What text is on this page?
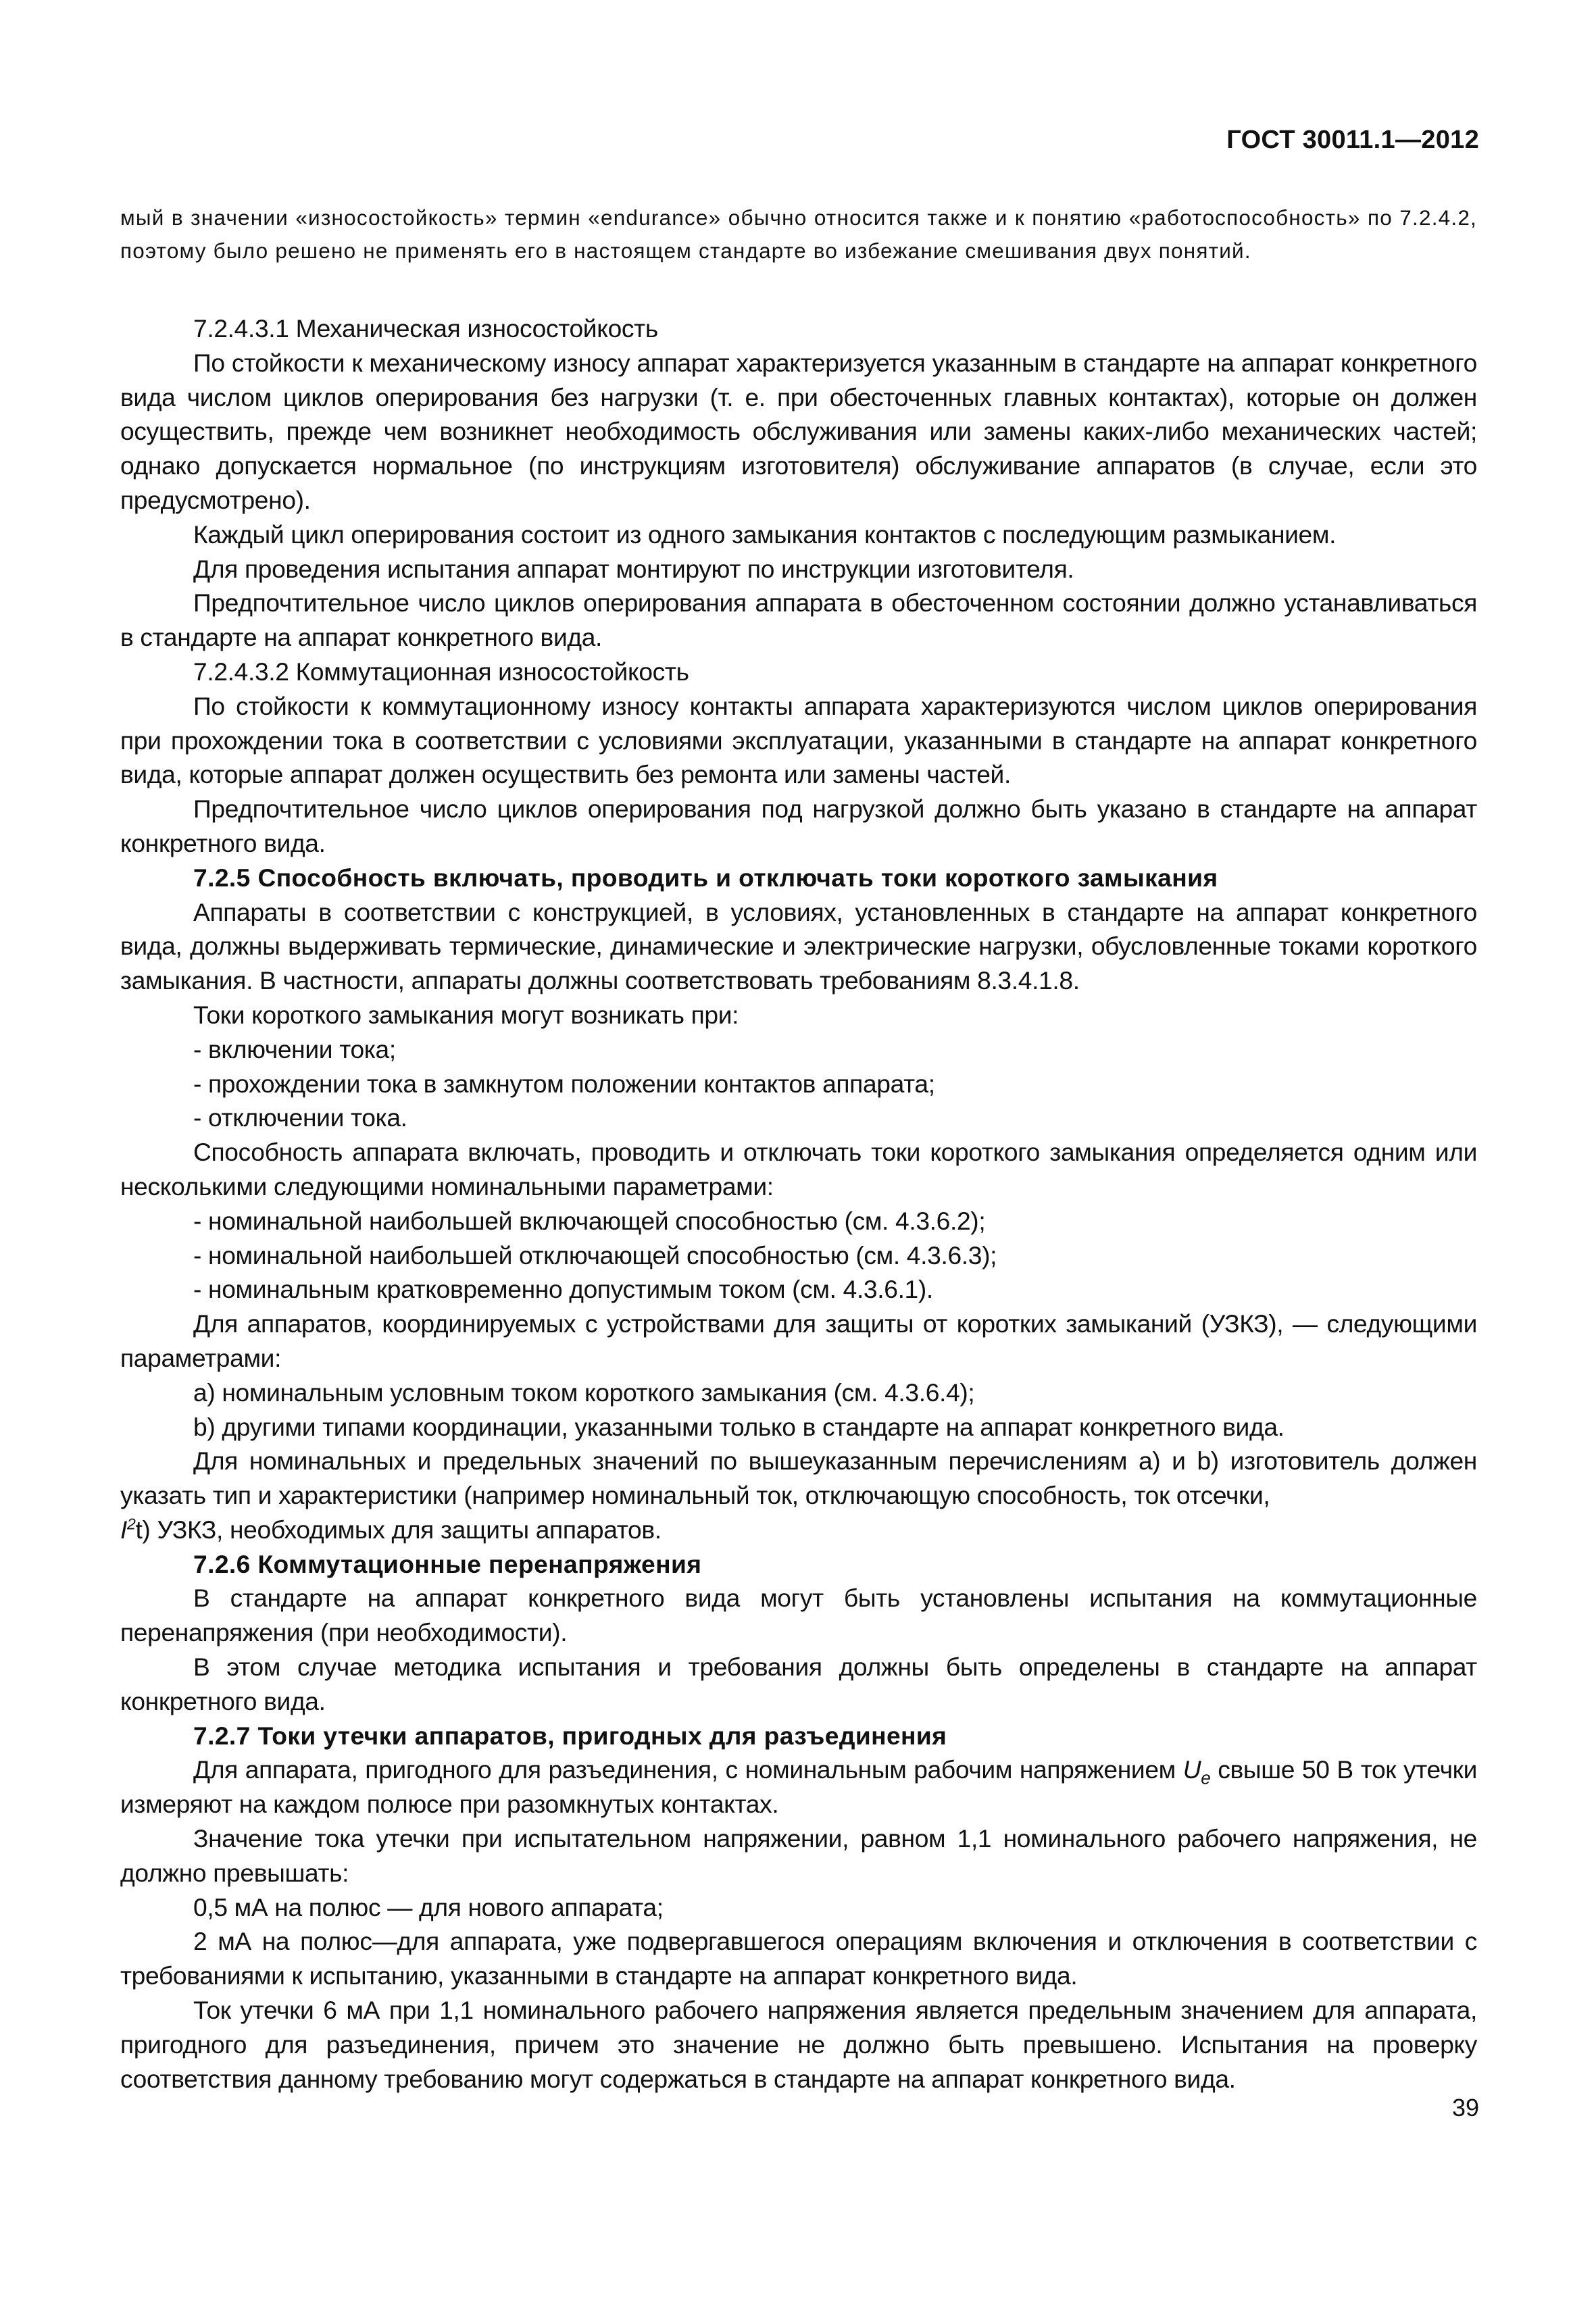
ГОСТ 30011.1—2012
мый в значении «износостойкость» термин «endurance» обычно относится также и к понятию «работоспособность» по 7.2.4.2, поэтому было решено не применять его в настоящем стандарте во избежание смешивания двух понятий.

7.2.4.3.1 Механическая износостойкость

По стойкости к механическому износу аппарат характеризуется указанным в стандарте на аппарат конкретного вида числом циклов оперирования без нагрузки (т. е. при обесточенных главных контактах), которые он должен осуществить, прежде чем возникнет необходимость обслуживания или замены каких-либо механических частей; однако допускается нормальное (по инструкциям изготовителя) обслуживание аппаратов (в случае, если это предусмотрено).

Каждый цикл оперирования состоит из одного замыкания контактов с последующим размыканием.

Для проведения испытания аппарат монтируют по инструкции изготовителя.

Предпочтительное число циклов оперирования аппарата в обесточенном состоянии должно устанавливаться в стандарте на аппарат конкретного вида.

7.2.4.3.2 Коммутационная износостойкость

По стойкости к коммутационному износу контакты аппарата характеризуются числом циклов оперирования при прохождении тока в соответствии с условиями эксплуатации, указанными в стандарте на аппарат конкретного вида, которые аппарат должен осуществить без ремонта или замены частей.

Предпочтительное число циклов оперирования под нагрузкой должно быть указано в стандарте на аппарат конкретного вида.

7.2.5 Способность включать, проводить и отключать токи короткого замыкания

Аппараты в соответствии с конструкцией, в условиях, установленных в стандарте на аппарат конкретного вида, должны выдерживать термические, динамические и электрические нагрузки, обусловленные токами короткого замыкания. В частности, аппараты должны соответствовать требованиям 8.3.4.1.8.

Токи короткого замыкания могут возникать при:

- включении тока;

- прохождении тока в замкнутом положении контактов аппарата;

- отключении тока.

Способность аппарата включать, проводить и отключать токи короткого замыкания определяется одним или несколькими следующими номинальными параметрами:

- номинальной наибольшей включающей способностью (см. 4.3.6.2);

- номинальной наибольшей отключающей способностью (см. 4.3.6.3);

- номинальным кратковременно допустимым током (см. 4.3.6.1).

Для аппаратов, координируемых с устройствами для защиты от коротких замыканий (УЗКЗ), — следующими параметрами:

a) номинальным условным током короткого замыкания (см. 4.3.6.4);

b) другими типами координации, указанными только в стандарте на аппарат конкретного вида.

Для номинальных и предельных значений по вышеуказанным перечислениям a) и b) изготовитель должен указать тип и характеристики (например номинальный ток, отключающую способность, ток отсечки,

$I^2t$) УЗКЗ, необходимых для защиты аппаратов.

7.2.6 Коммутационные перенапряжения

В стандарте на аппарат конкретного вида могут быть установлены испытания на коммутационные перенапряжения (при необходимости).

В этом случае методика испытания и требования должны быть определены в стандарте на аппарат конкретного вида.

7.2.7 Токи утечки аппаратов, пригодных для разъединения

Для аппарата, пригодного для разъединения, с номинальным рабочим напряжением $U_e$ свыше 50 В ток утечки измеряют на каждом полюсе при разомкнутых контактах.

Значение тока утечки при испытательном напряжении, равном 1,1 номинального рабочего напряжения, не должно превышать:

0,5 мА на полюс — для нового аппарата;

2 мА на полюс—для аппарата, уже подвергавшегося операциям включения и отключения в соответствии с требованиями к испытанию, указанными в стандарте на аппарат конкретного вида.

Ток утечки 6 мА при 1,1 номинального рабочего напряжения является предельным значением для аппарата, пригодного для разъединения, причем это значение не должно быть превышено. Испытания на проверку соответствия данному требованию могут содержаться в стандарте на аппарат конкретного вида.

39
